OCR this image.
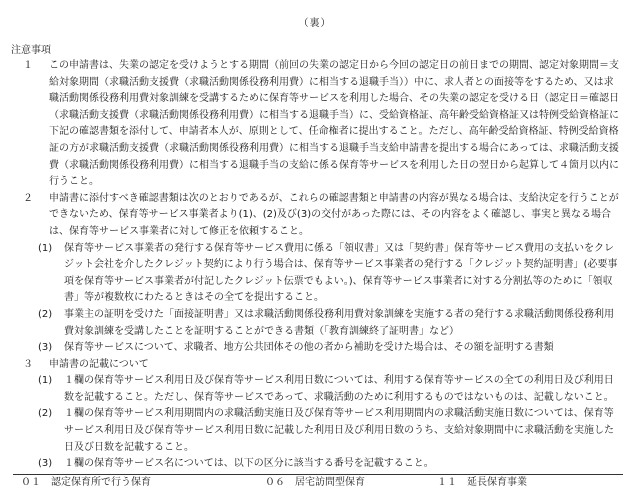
（裏）
注意事項
１ この申請書は、失業の認定を受けようとする期間（前回の失業の認定日から今回の認定日の前日までの期間、認定対象期間＝支給対象期間（求職活動支援費（求職活動関係役務利用費）に相当する退職手当））中に、求人者との面接等をするため、又は求職活動関係役務利用費対象訓練を受講するために保育等サービスを利用した場合、その失業の認定を受ける日（認定日＝確認日（求職活動支援費（求職活動関係役務利用費）に相当する退職手当）に、受給資格証、高年齢受給資格証又は特例受給資格証に下記の確認書類を添付して、申請者本人が、原則として、任命権者に提出すること。ただし、高年齢受給資格証、特例受給資格証の方が求職活動支援費（求職活動関係役務利用費）に相当する退職手当支給申請書を提出する場合にあっては、求職活動支援費（求職活動関係役務利用費）に相当する退職手当の支給に係る保育等サービスを利用した日の翌日から起算して４箇月以内に行うこと。
２ 申請書に添付すべき確認書類は次のとおりであるが、これらの確認書類と申請書の内容が異なる場合は、支給決定を行うことができないため、保育等サービス事業者より(1)、(2)及び(3)の交付があった際には、その内容をよく確認し、事実と異なる場合は、保育等サービス事業者に対して修正を依頼すること。
(1) 保育等サービス事業者の発行する保育等サービス費用に係る「領収書」又は「契約書」保育等サービス費用の支払いをクレジット会社を介したクレジット契約により行う場合は、保育等サービス事業者の発行する「クレジット契約証明書」(必要事項を保育等サービス事業者が付記したクレジット伝票でもよい。)、保育等サービス事業者に対する分割払等のために「領収書」等が複数枚にわたるときはその全てを提出すること。
(2) 事業主の証明を受けた「面接証明書」又は求職活動関係役務利用費対象訓練を実施する者の発行する求職活動関係役務利用費対象訓練を受講したことを証明することができる書類（「教育訓練終了証明書」など）
(3) 保育等サービスについて、求職者、地方公共団体その他の者から補助を受けた場合は、その額を証明する書類
３ 申請書の記載について
(1) １欄の保育等サービス利用日及び保育等サービス利用日数については、利用する保育等サービスの全ての利用日及び利用日数を記載すること。ただし、保育等サービスであって、求職活動のために利用するものではないものは、記載しないこと。
(2) １欄の保育等サービス利用期間内の求職活動実施日及び保育等サービス利用期間内の求職活動実施日数については、保育等サービス利用日及び保育等サービス利用日数に記載した利用日及び利用日数のうち、支給対象期間中に求職活動を実施した日及び日数を記載すること。
(3) １欄の保育等サービス名については、以下の区分に該当する番号を記載すること。
０１　認定保育所で行う保育	０６　居宅訪問型保育	１１　延長保育事業
